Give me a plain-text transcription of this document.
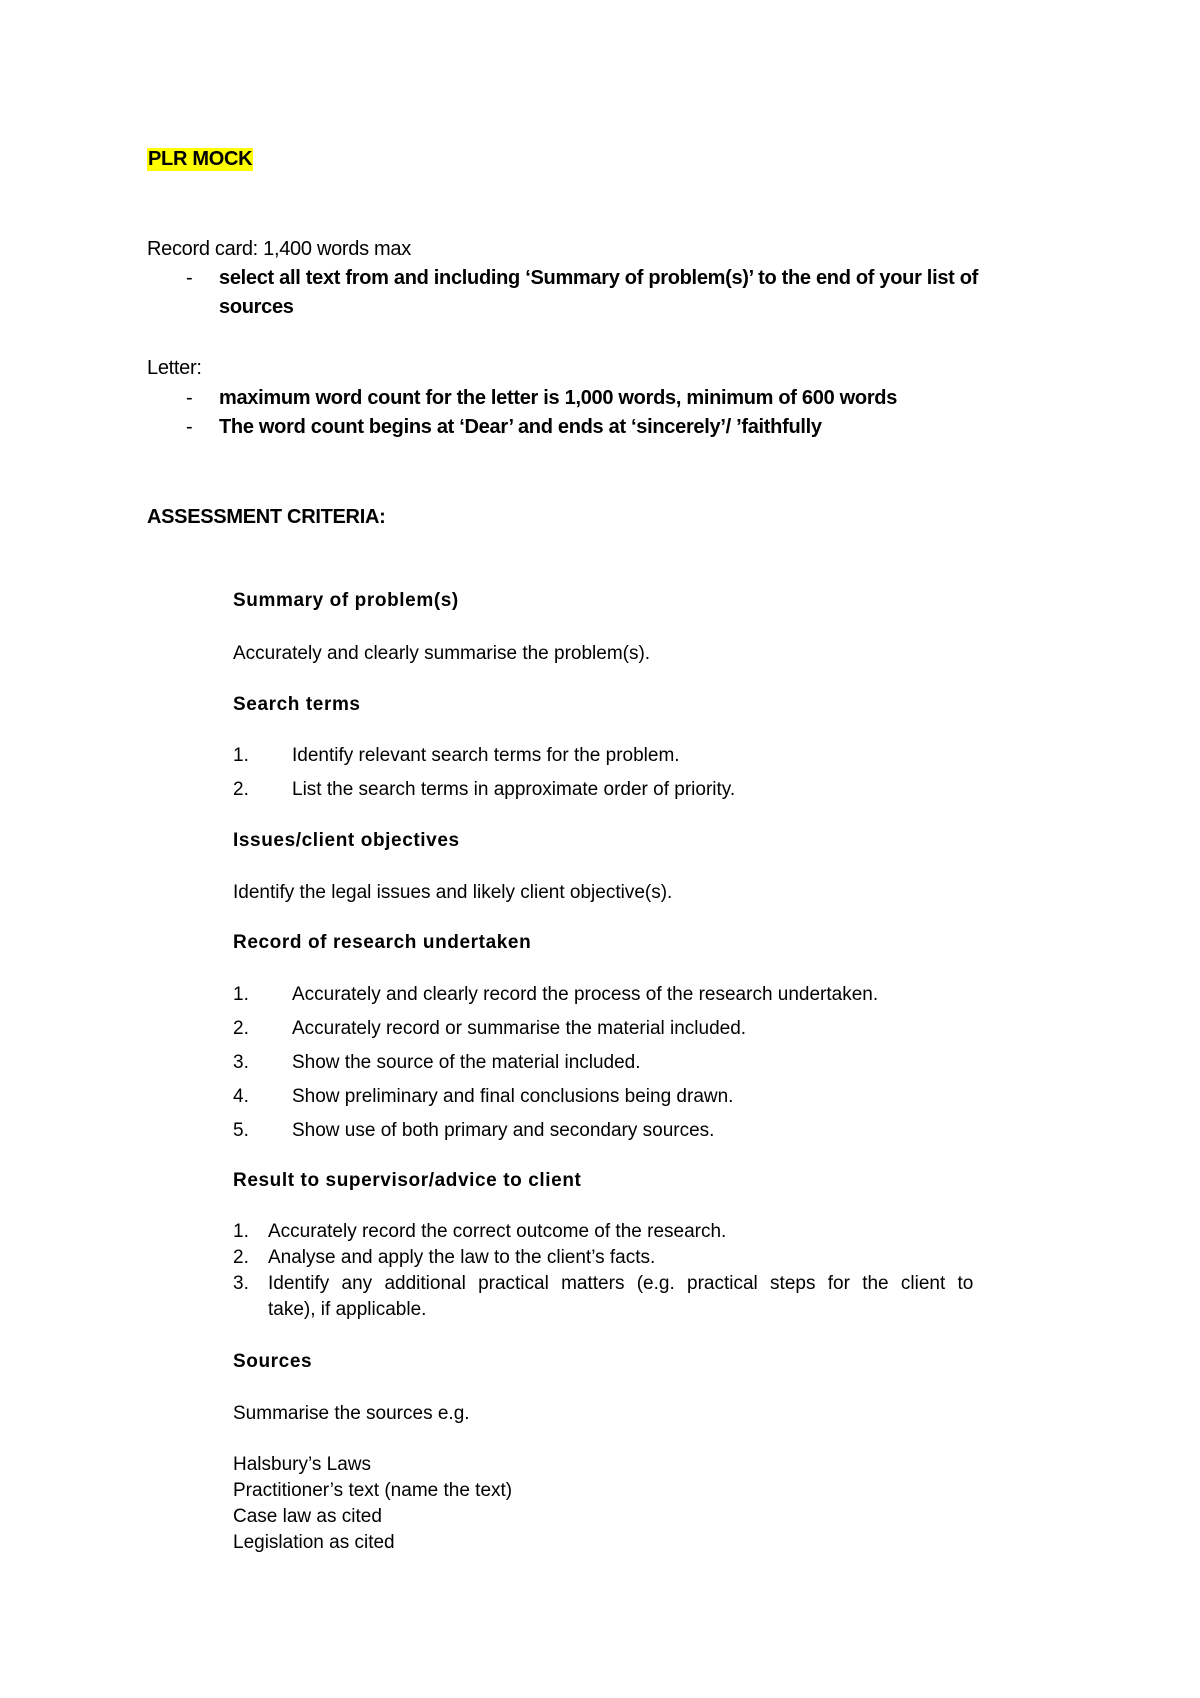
PLR MOCK
Record card: 1,400 words max
- select all text from and including ‘Summary of problem(s)’ to the end of your list of
sources
Letter:
- maximum word count for the letter is 1,000 words, minimum of 600 words
- The word count begins at ‘Dear’ and ends at ‘sincerely’/ ’faithfully
ASSESSMENT CRITERIA:
Summary of problem(s)
Accurately and clearly summarise the problem(s).
Search terms
1. Identify relevant search terms for the problem.
2. List the search terms in approximate order of priority.
Issues/client objectives
Identify the legal issues and likely client objective(s).
Record of research undertaken
1. Accurately and clearly record the process of the research undertaken.
2. Accurately record or summarise the material included.
3. Show the source of the material included.
4. Show preliminary and final conclusions being drawn.
5. Show use of both primary and secondary sources.
Result to supervisor/advice to client
1. Accurately record the correct outcome of the research.
2. Analyse and apply the law to the client’s facts.
3. Identify any additional practical matters (e.g. practical steps for the client to
take), if applicable.
Sources
Summarise the sources e.g.
Halsbury’s Laws
Practitioner’s text (name the text)
Case law as cited
Legislation as cited
